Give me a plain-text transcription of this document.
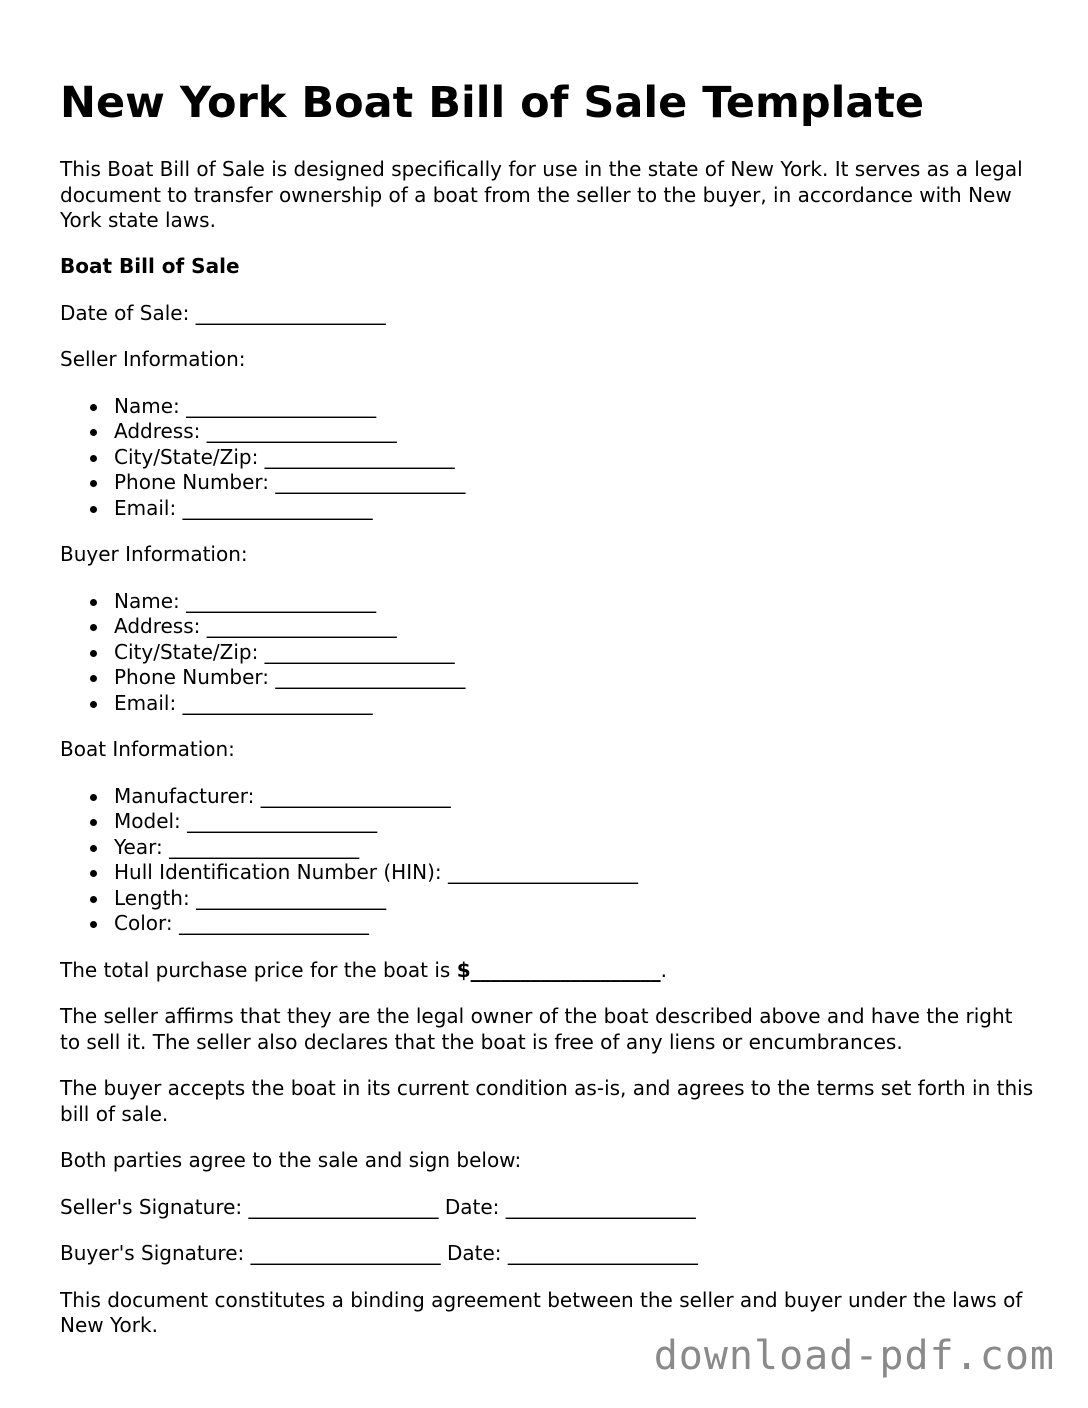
New York Boat Bill of Sale Template

This Boat Bill of Sale is designed specifically for use in the state of New York. It serves as a legal document to transfer ownership of a boat from the seller to the buyer, in accordance with New York state laws.

Boat Bill of Sale

Date of Sale: ___________________

Seller Information:

Name: ___________________
Address: ___________________
City/State/Zip: ___________________
Phone Number: ___________________
Email: ___________________

Buyer Information:

Name: ___________________
Address: ___________________
City/State/Zip: ___________________
Phone Number: ___________________
Email: ___________________

Boat Information:

Manufacturer: ___________________
Model: ___________________
Year: ___________________
Hull Identification Number (HIN): ___________________
Length: ___________________
Color: ___________________

The total purchase price for the boat is $___________________.

The seller affirms that they are the legal owner of the boat described above and have the right to sell it. The seller also declares that the boat is free of any liens or encumbrances.

The buyer accepts the boat in its current condition as-is, and agrees to the terms set forth in this bill of sale.

Both parties agree to the sale and sign below:

Seller's Signature: ___________________ Date: ___________________

Buyer's Signature: ___________________ Date: ___________________

This document constitutes a binding agreement between the seller and buyer under the laws of New York.

download-pdf.com
